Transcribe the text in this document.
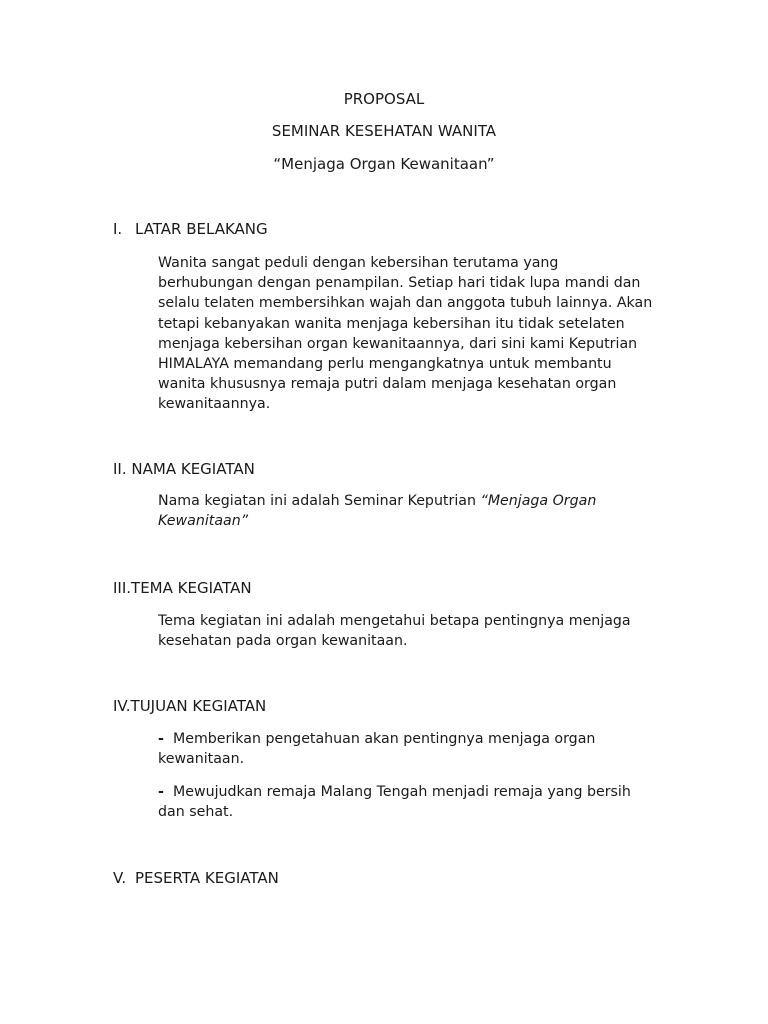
PROPOSAL
SEMINAR KESEHATAN WANITA
“Menjaga Organ Kewanitaan”
I. LATAR BELAKANG
Wanita sangat peduli dengan kebersihan terutama yang
berhubungan dengan penampilan. Setiap hari tidak lupa mandi dan
selalu telaten membersihkan wajah dan anggota tubuh lainnya. Akan
tetapi kebanyakan wanita menjaga kebersihan itu tidak setelaten
menjaga kebersihan organ kewanitaannya, dari sini kami Keputrian
HIMALAYA memandang perlu mengangkatnya untuk membantu
wanita khususnya remaja putri dalam menjaga kesehatan organ
kewanitaannya.
II. NAMA KEGIATAN
Nama kegiatan ini adalah Seminar Keputrian “Menjaga Organ
Kewanitaan”
III.TEMA KEGIATAN
Tema kegiatan ini adalah mengetahui betapa pentingnya menjaga
kesehatan pada organ kewanitaan.
IV.TUJUAN KEGIATAN
- Memberikan pengetahuan akan pentingnya menjaga organ
kewanitaan.
- Mewujudkan remaja Malang Tengah menjadi remaja yang bersih
dan sehat.
V. PESERTA KEGIATAN
